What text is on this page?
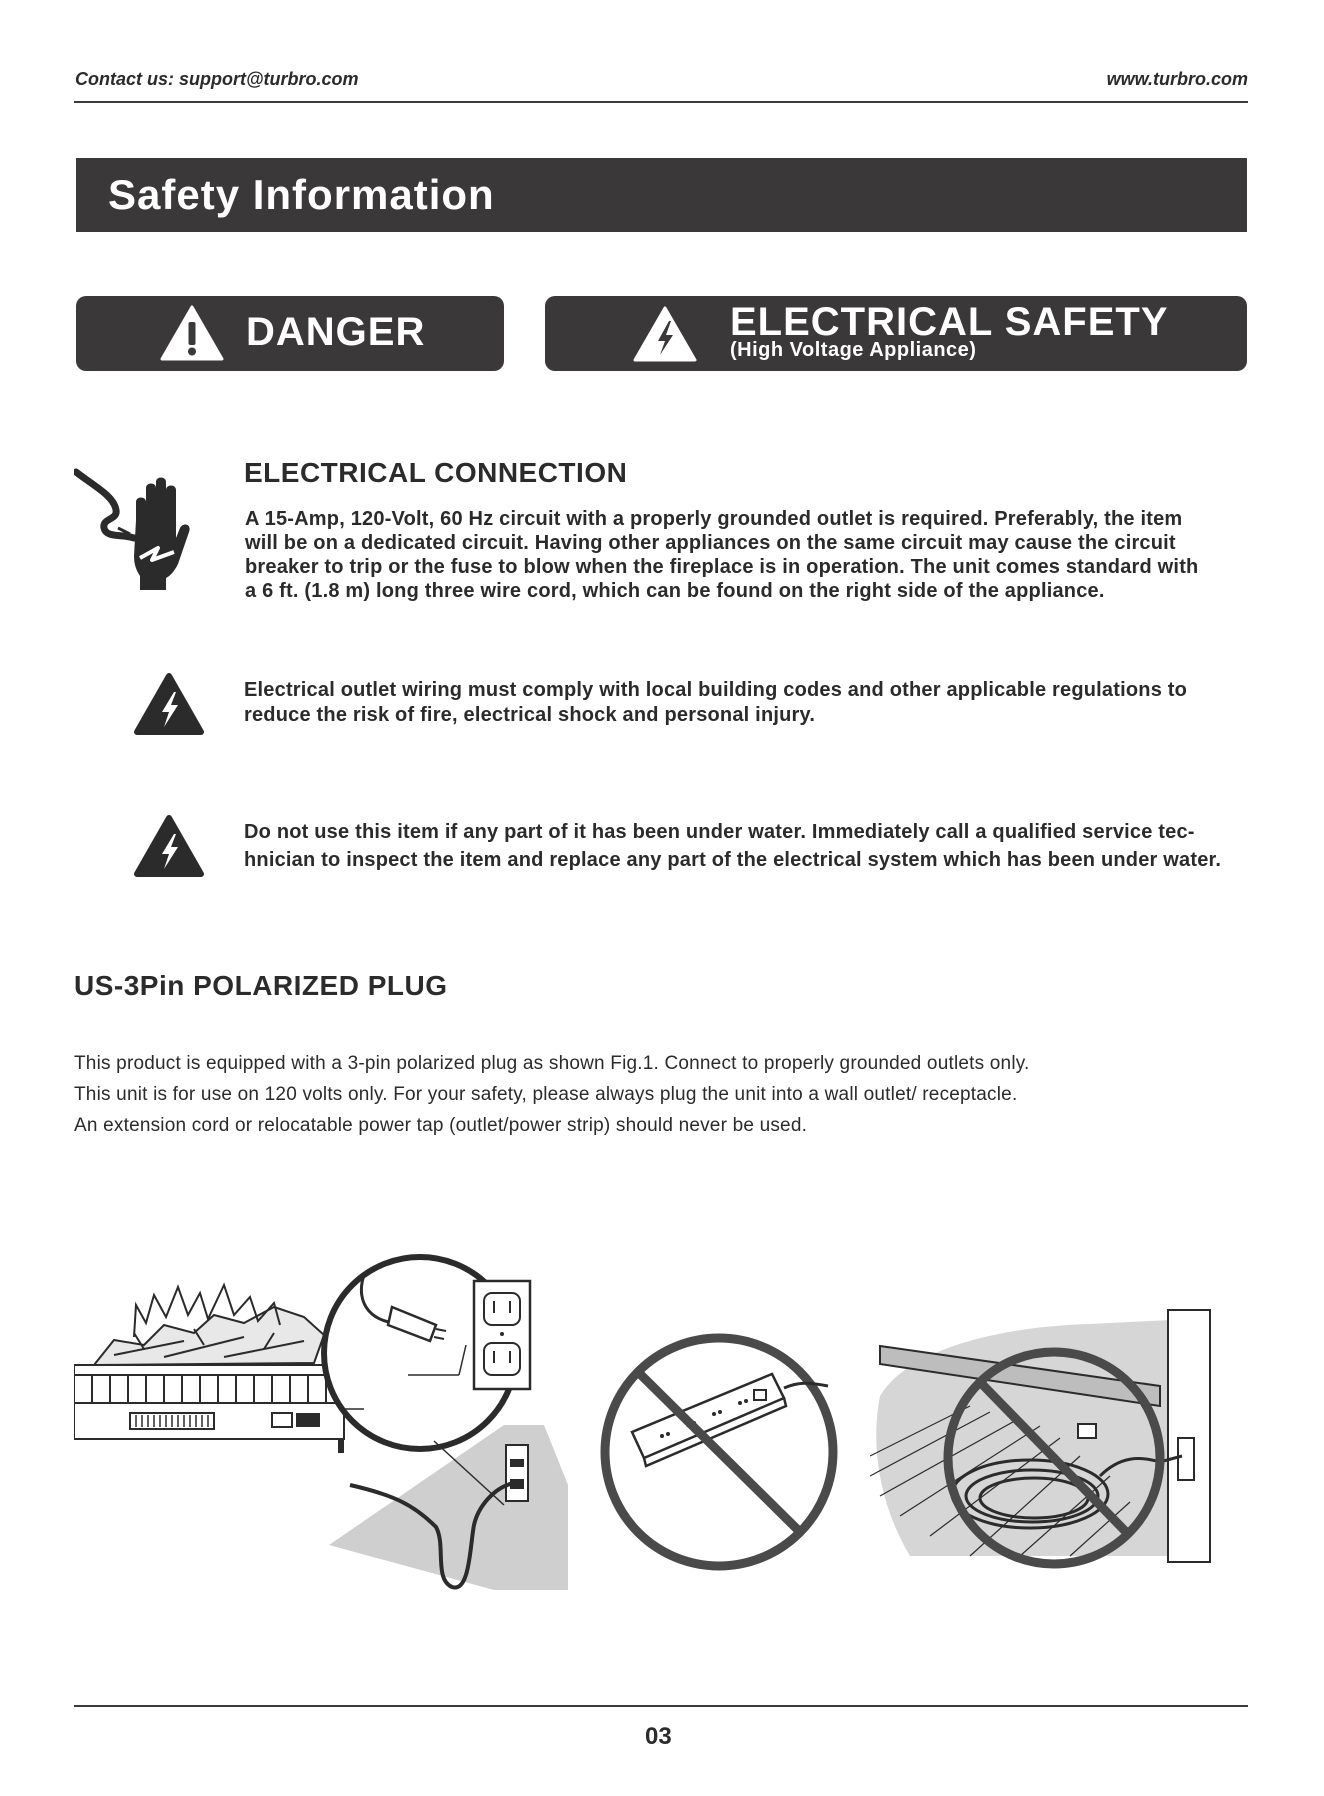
Contact us: support@turbro.com	www.turbro.com
Safety Information
DANGER	ELECTRICAL SAFETY
(High Voltage Appliance)
ELECTRICAL CONNECTION
A 15-Amp, 120-Volt, 60 Hz circuit with a properly grounded outlet is required. Preferably, the item
will be on a dedicated circuit. Having other appliances on the same circuit may cause the circuit
breaker to trip or the fuse to blow when the fireplace is in operation. The unit comes standard with
a 6 ft. (1.8 m) long three wire cord, which can be found on the right side of the appliance.
Electrical outlet wiring must comply with local building codes and other applicable regulations to
reduce the risk of fire, electrical shock and personal injury.
Do not use this item if any part of it has been under water. Immediately call a qualified service tec-
hnician to inspect the item and replace any part of the electrical system which has been under water.
US-3Pin POLARIZED PLUG
This product is equipped with a 3-pin polarized plug as shown Fig.1. Connect to properly grounded outlets only.
This unit is for use on 120 volts only. For your safety, please always plug the unit into a wall outlet/ receptacle.
An extension cord or relocatable power tap (outlet/power strip) should never be used.
03
